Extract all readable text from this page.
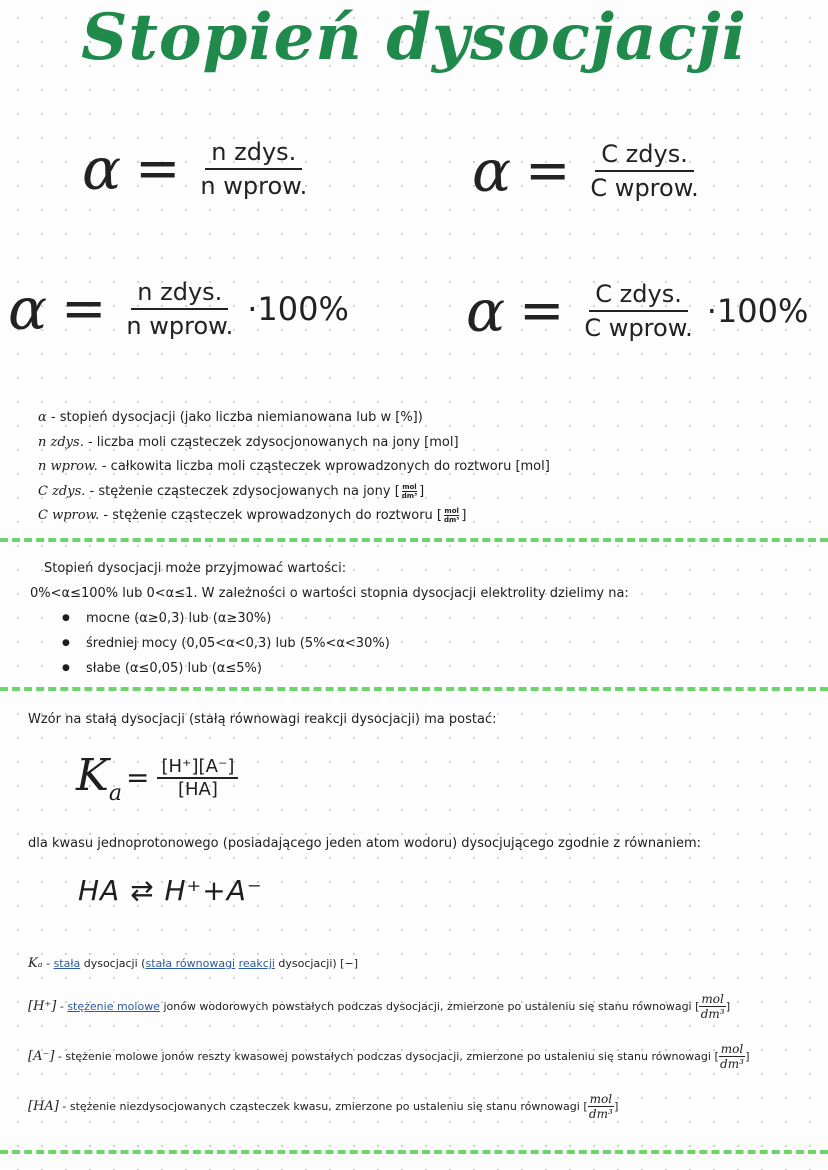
Stopień dysocjacji
$\alpha = \frac{\text{n zdys.}}{\text{n wprow.}}$	$\alpha = \frac{\text{C zdys.}}{\text{C wprow.}}$
$\alpha = \frac{\text{n zdys.}}{\text{n wprow.}} \cdot 100\%$ $\alpha = \frac{\text{C zdys.}}{\text{C wprow.}} \cdot 100\%$
α - stopień dysocjacji (jako liczba niemianowana lub w [%])
n zdys. - liczba moli cząsteczek zdysocjonowanych na jony [mol]
n wprow. - całkowita liczba moli cząsteczek wprowadzonych do roztworu [mol]
C zdys. - stężenie cząsteczek zdysocjowanych na jony [ $\frac{\text{mol}}{\text{dm³}}$ ]
C wprow. - stężenie cząsteczek wprowadzonych do roztworu [ $\frac{\text{mol}}{\text{dm³}}$ ]
Stopień dysocjacji może przyjmować wartości:
0%<α≤100% lub 0<α≤1. W zależności o wartości stopnia dysocjacji elektrolity dzielimy na:
● mocne (α≥0,3) lub (α≥30%)
● średniej mocy (0,05<α<0,3) lub (5%<α<30%)
● słabe (α≤0,05) lub (α≤5%)
Wzór na stałą dysocjacji (stałą równowagi reakcji dysocjacji) ma postać:
$K_a = \frac{[H^+][A^-]}{[HA]}$
dla kwasu jednoprotonowego (posiadającego jeden atom wodoru) dysocjującego zgodnie z równaniem:
HA ⇄ H⁺+A⁻
Kₐ - stała dysocjacji (stała równowagi reakcji dysocjacji) [−]
[H⁺] - stężenie molowe jonów wodorowych powstałych podczas dysocjacji, zmierzone po ustaleniu się stanu równowagi [ $\frac{\text{mol}}{\text{dm³}}$ ]
[A⁻] - stężenie molowe jonów reszty kwasowej powstałych podczas dysocjacji, zmierzone po ustaleniu się stanu równowagi [ $\frac{\text{mol}}{\text{dm³}}$ ]
[HA] - stężenie niezdysocjowanych cząsteczek kwasu, zmierzone po ustaleniu się stanu równowagi [ $\frac{\text{mol}}{\text{dm³}}$ ]
